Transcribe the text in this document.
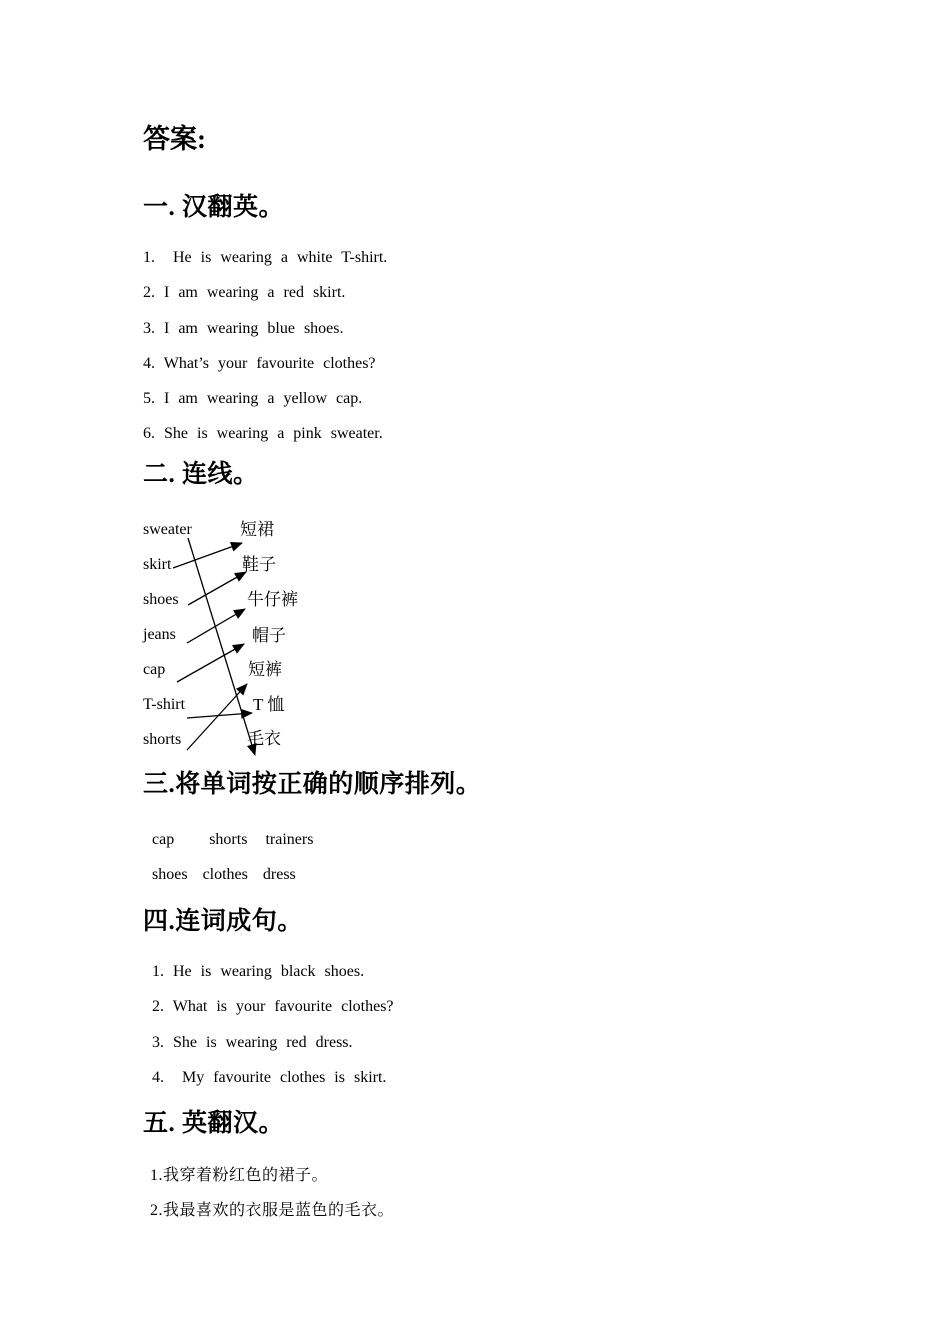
答案:
一. 汉翻英。

1.  He is wearing a white T-shirt.

2. I am wearing a red skirt.

3. I am wearing blue shoes.

4. What’s your favourite clothes?

5. I am wearing a yellow cap.

6. She is wearing a pink sweater.

二. 连线。
sweater
skirt
shoes
jeans
cap
T-shirt
shorts
短裙
鞋子
牛仔裤
帽子
短裤
T 恤
毛衣
三.将单词按正确的顺序排列。

cap shorts trainers

shoes clothes dress

四.连词成句。

1. He is wearing black shoes.

2. What is your favourite clothes?

3. She is wearing red dress.

4.  My favourite clothes is skirt.

五. 英翻汉。

1.我穿着粉红色的裙子。

2.我最喜欢的衣服是蓝色的毛衣。
